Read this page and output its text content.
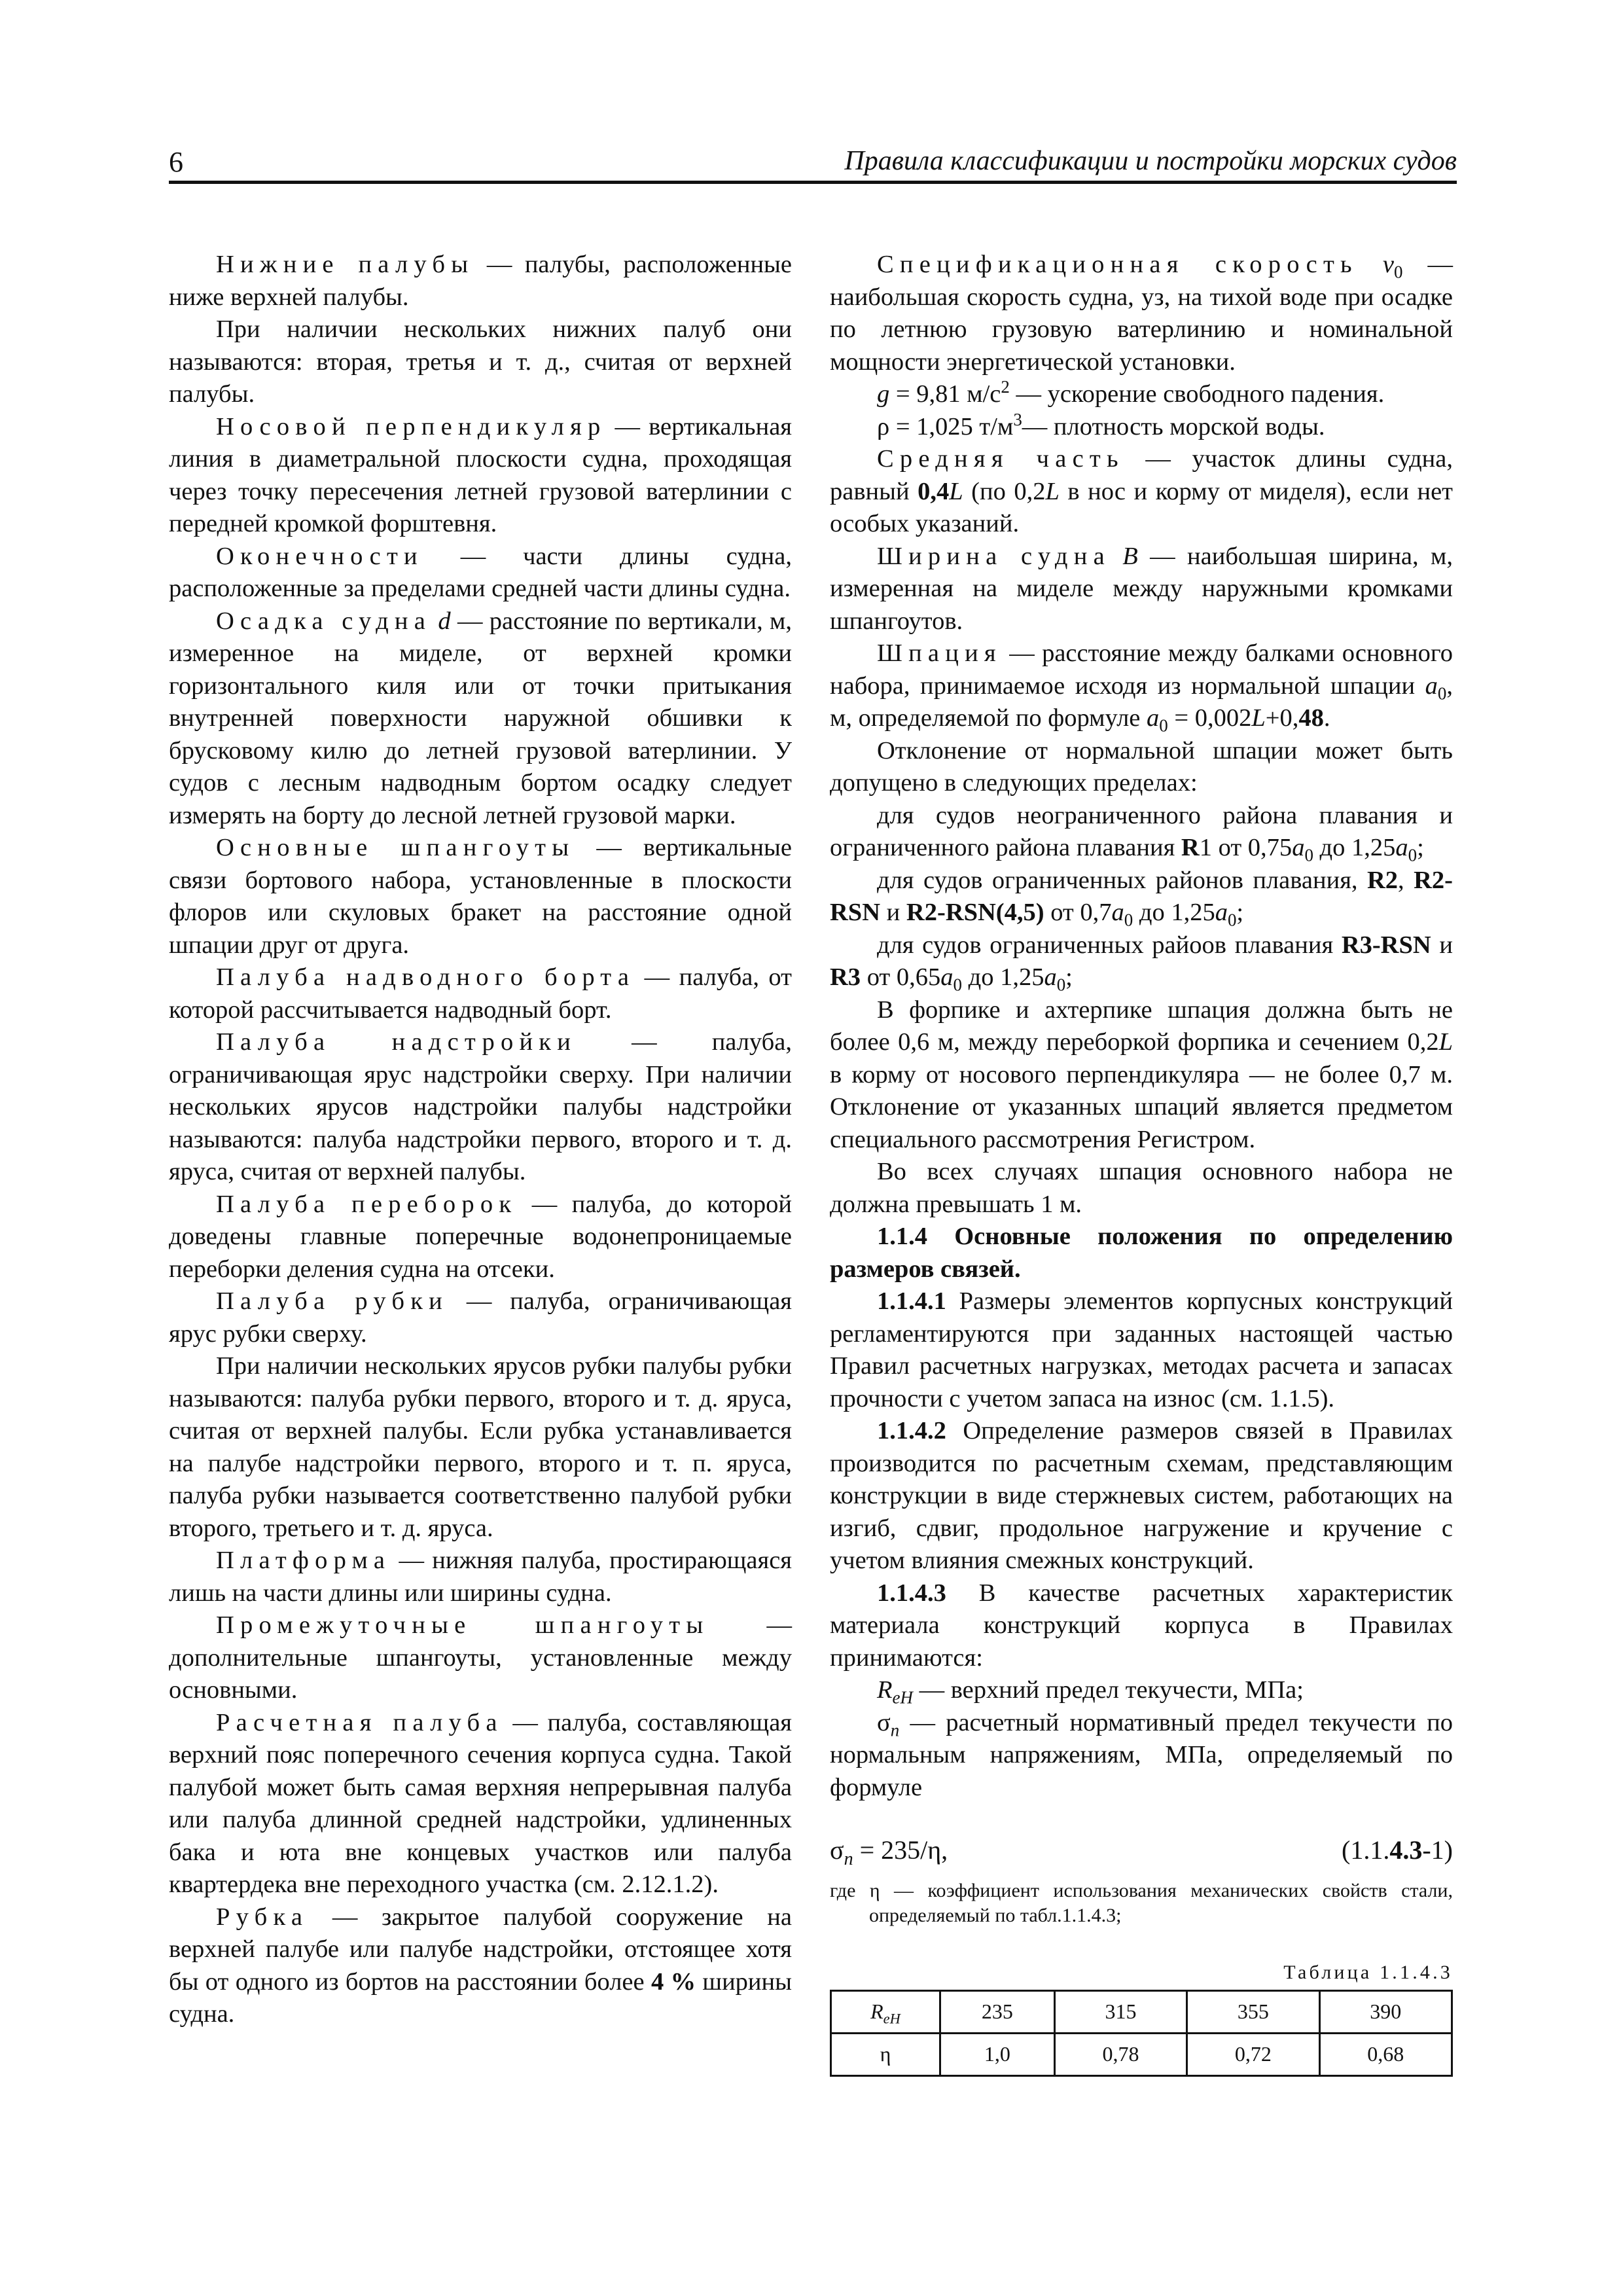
6	Правила классификации и постройки морских судов

Нижние палубы — палубы, расположенные ниже верхней палубы.

При наличии нескольких нижних палуб они называются: вторая, третья и т. д., считая от верхней палубы.

Носовой перпендикуляр — вертикальная линия в диаметральной плоскости судна, проходящая через точку пересечения летней грузовой ватерлинии с передней кромкой форштевня.

Оконечности — части длины судна, расположенные за пределами средней части длины судна.

Осадка судна d — расстояние по вертикали, м, измеренное на миделе, от верхней кромки горизонтального киля или от точки притыкания внутренней поверхности наружной обшивки к брусковому килю до летней грузовой ватерлинии. У судов с лесным надводным бортом осадку следует измерять на борту до лесной летней грузовой марки.

Основные шпангоуты — вертикальные связи бортового набора, установленные в плоскости флоров или скуловых бракет на расстояние одной шпации друг от друга.

Палуба надводного борта — палуба, от которой рассчитывается надводный борт.

Палуба надстройки — палуба, ограничивающая ярус надстройки сверху. При наличии нескольких ярусов надстройки палубы надстройки называются: палуба надстройки первого, второго и т. д. яруса, считая от верхней палубы.

Палуба переборок — палуба, до которой доведены главные поперечные водонепроницаемые переборки деления судна на отсеки.

Палуба рубки — палуба, ограничивающая ярус рубки сверху.

При наличии нескольких ярусов рубки палубы рубки называются: палуба рубки первого, второго и т. д. яруса, считая от верхней палубы. Если рубка устанавливается на палубе надстройки первого, второго и т. п. яруса, палуба рубки называется соответственно палубой рубки второго, третьего и т. д. яруса.

Платформа — нижняя палуба, простирающаяся лишь на части длины или ширины судна.

Промежуточные шпангоуты — дополнительные шпангоуты, установленные между основными.

Расчетная палуба — палуба, составляющая верхний пояс поперечного сечения корпуса судна. Такой палубой может быть самая верхняя непрерывная палуба или палуба длинной средней надстройки, удлиненных бака и юта вне концевых участков или палуба квартердека вне переходного участка (см. 2.12.1.2).

Рубка — закрытое палубой сооружение на верхней палубе или палубе надстройки, отстоящее хотя бы от одного из бортов на расстоянии более 4 % ширины судна.

Спецификационная скорость $v_0$ — наибольшая скорость судна, уз, на тихой воде при осадке по летнюю грузовую ватерлинию и номинальной мощности энергетической установки.

g = 9,81 $м/с^2$ — ускорение свободного падения.

ρ = 1,025 $т/м^3—$ плотность морской воды.

Средняя часть — участок длины судна, равный 0,4L (по 0,2L в нос и корму от миделя), если нет особых указаний.

Ширина судна B — наибольшая ширина, м, измеренная на миделе между наружными кромками шпангоутов.

Шпация — расстояние между балками основного набора, принимаемое исходя из нормальной шпации $a_0$, м, определяемой по формуле $a_0 = 0,002L+0,48$.

Отклонение от нормальной шпации может быть допущено в следующих пределах:

для судов неограниченного района плавания и ограниченного района плавания R1 от $0,75a_0$ до $1,25a_0$;

для судов ограниченных районов плавания, R2, R2-RSN и R2-RSN(4,5) от $0,7a_0$ до $1,25a_0$;

для судов ограниченных райоов плавания R3-RSN и R3 от $0,65a_0$ до $1,25a_0$;

В форпике и ахтерпике шпация должна быть не более 0,6 м, между переборкой форпика и сечением 0,2L в корму от носового перпендикуляра — не более 0,7 м. Отклонение от указанных шпаций является предметом специального рассмотрения Регистром.

Во всех случаях шпация основного набора не должна превышать 1 м.

1.1.4 Основные положения по определению размеров связей.

1.1.4.1 Размеры элементов корпусных конструкций регламентируются при заданных настоящей частью Правил расчетных нагрузках, методах расчета и запасах прочности с учетом запаса на износ (см. 1.1.5).

1.1.4.2 Определение размеров связей в Правилах производится по расчетным схемам, представляющим конструкции в виде стержневых систем, работающих на изгиб, сдвиг, продольное нагружение и кручение с учетом влияния смежных конструкций.

1.1.4.3 В качестве расчетных характеристик материала конструкций корпуса в Правилах принимаются:

$R_{eH}$ — верхний предел текучести, МПа;

$\sigma_n$ — расчетный нормативный предел текучести по нормальным напряжениям, МПа, определяемый по формуле

$\sigma_n = 235/\eta$,	(1.1.4.3-1)
где η — коэффициент использования механических свойств стали, определяемый по табл.1.1.4.3;
Таблица 1.1.4.3
$R_{eH}$	235	315	355	390
η	1,0	0,78	0,72	0,68
